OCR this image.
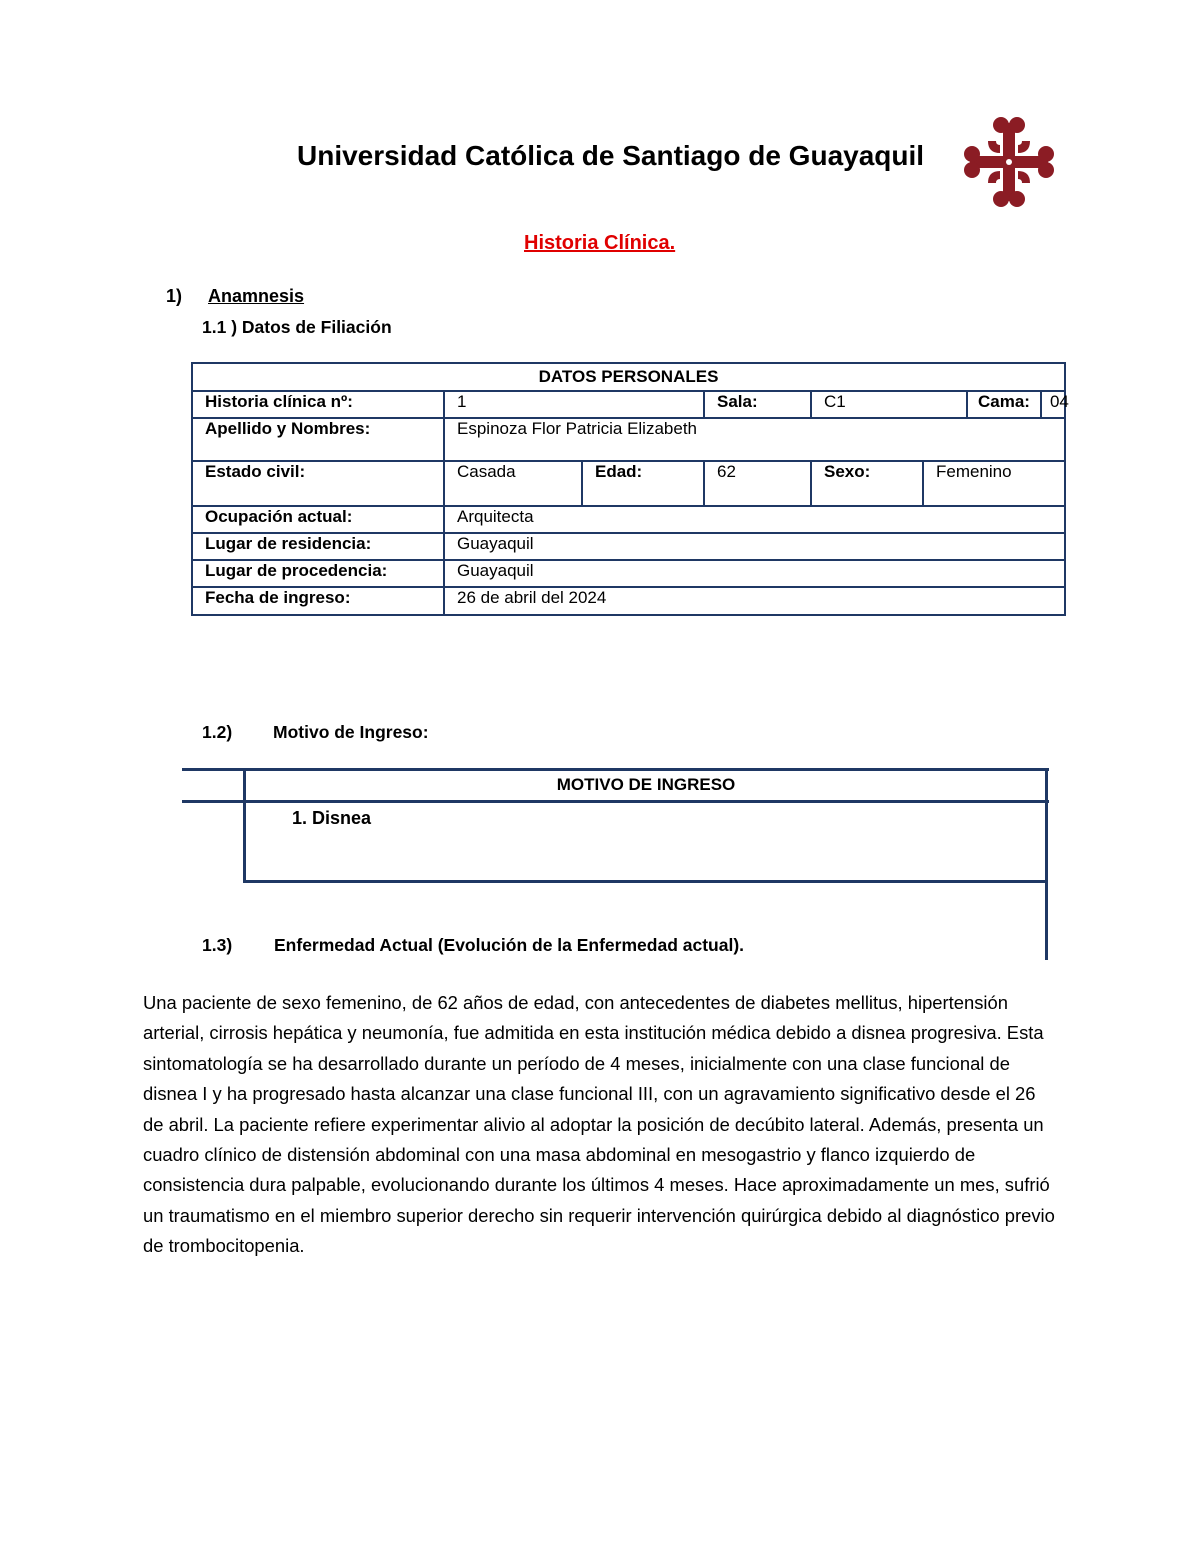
Universidad Católica de Santiago de Guayaquil
Historia Clínica.
1) Anamnesis
1.1 ) Datos de Filiación
DATOS PERSONALES						
Historia clínica nº:	1		Sala:	C1		Cama: 04

Apellido y Nombres:	Espinoza Flor Patricia Elizabeth					
Estado civil:	Casada	Edad:	62	Sexo:	Femenino	
Ocupación actual:	Arquitecta					
Lugar de residencia:	Guayaquil					
Lugar de procedencia:	Guayaquil					
Fecha de ingreso:	26 de abril del 2024					
1.2) Motivo de Ingreso:
MOTIVO DE INGRESO
1. Disnea
1.3) Enfermedad Actual (Evolución de la Enfermedad actual).

Una paciente de sexo femenino, de 62 años de edad, con antecedentes de diabetes mellitus, hipertensión arterial, cirrosis hepática y neumonía, fue admitida en esta institución médica debido a disnea progresiva. Esta sintomatología se ha desarrollado durante un período de 4 meses, inicialmente con una clase funcional de disnea I y ha progresado hasta alcanzar una clase funcional III, con un agravamiento significativo desde el 26 de abril. La paciente refiere experimentar alivio al adoptar la posición de decúbito lateral. Además, presenta un cuadro clínico de distensión abdominal con una masa abdominal en mesogastrio y flanco izquierdo de consistencia dura palpable, evolucionando durante los últimos 4 meses. Hace aproximadamente un mes, sufrió un traumatismo en el miembro superior derecho sin requerir intervención quirúrgica debido al diagnóstico previo de trombocitopenia.
